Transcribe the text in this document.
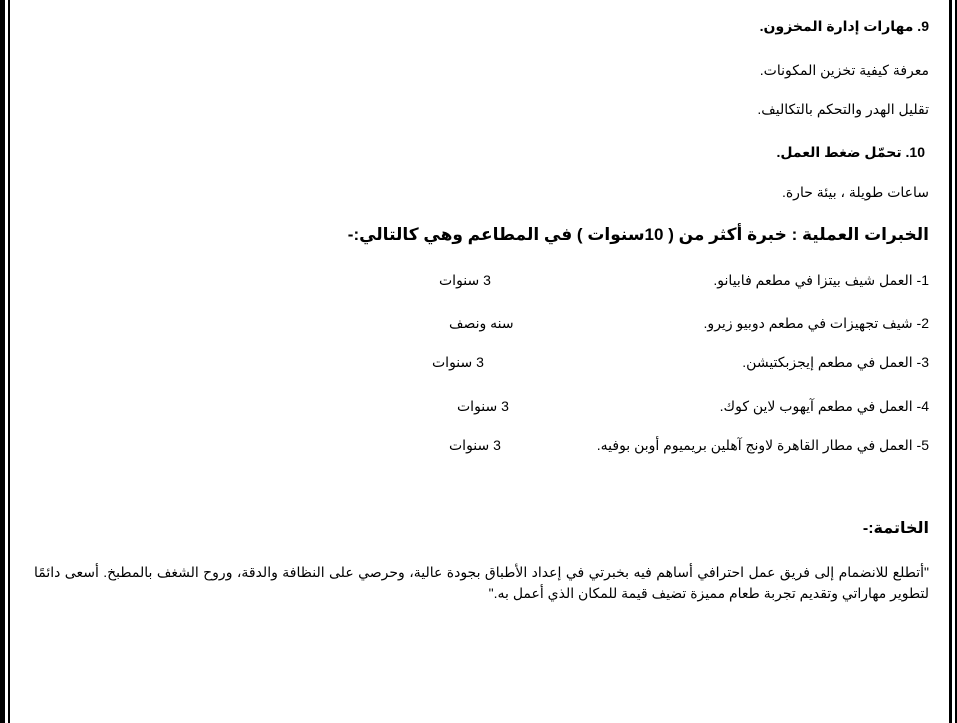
9. مهارات إدارة المخزون.
معرفة كيفية تخزين المكونات.
تقليل الهدر والتحكم بالتكاليف.
10. تحمّل ضغط العمل.
ساعات طويلة ، بيئة حارة.
الخبرات العملية : خبرة أكثر من ( 10سنوات ) في المطاعم وهي كالتالي:-
1- العمل شيف بيتزا في مطعم فابيانو.
3 سنوات
2- شيف تجهيزات في مطعم دوبيو زيرو.
سنه ونصف
3- العمل في مطعم إيجزبكتيشن.
3 سنوات
4- العمل في مطعم آيهوب لاين كوك.
3 سنوات
5- العمل في مطار القاهرة لاونج آهلين بريميوم أوبن بوفيه.
3 سنوات
الخاتمة:-
"أتطلع للانضمام إلى فريق عمل احترافي أساهم فيه بخبرتي في إعداد الأطباق بجودة عالية، وحرصي على النظافة والدقة، وروح الشغف بالمطبخ. أسعى دائمًا لتطوير مهاراتي وتقديم تجربة طعام مميزة تضيف قيمة للمكان الذي أعمل به."
